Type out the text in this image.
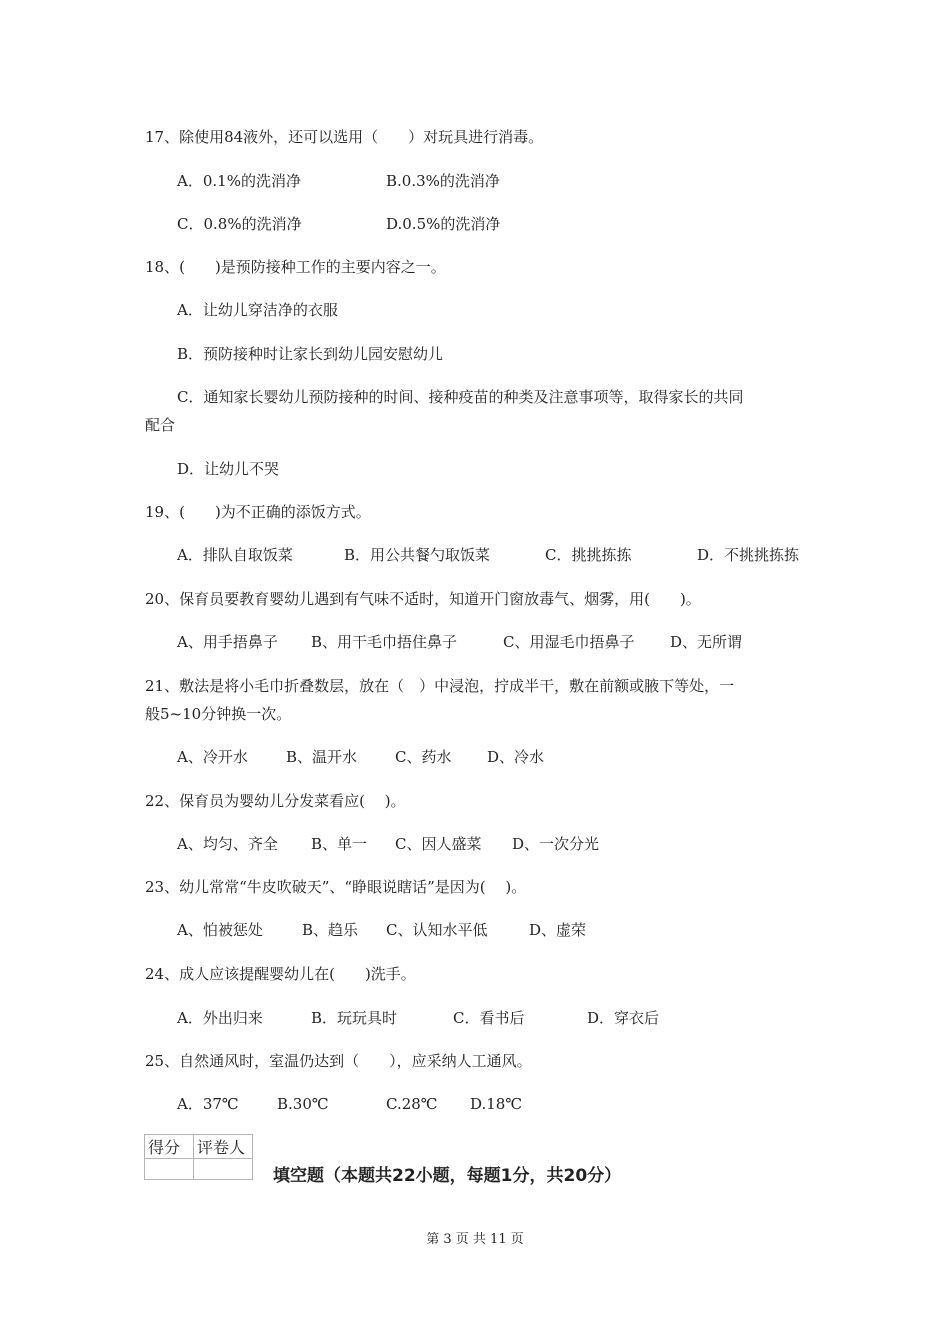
17、除使用84液外，还可以选用（　　）对玩具进行消毒。
A．0.1%的洗消净	B.0.3%的洗消净
C．0.8%的洗消净	D.0.5%的洗消净
18、(　　)是预防接种工作的主要内容之一。
A．让幼儿穿洁净的衣服
B．预防接种时让家长到幼儿园安慰幼儿
C．通知家长婴幼儿预防接种的时间、接种疫苗的种类及注意事项等，取得家长的共同
配合
D．让幼儿不哭
19、(　　)为不正确的添饭方式。
A．排队自取饭菜	B．用公共餐勺取饭菜	C．挑挑拣拣	D．不挑挑拣拣
20、保育员要教育婴幼儿遇到有气味不适时，知道开门窗放毒气、烟雾，用(　　)。
A、用手捂鼻子 B、用干毛巾捂住鼻子	C、用湿毛巾捂鼻子 D、无所谓
21、敷法是将小毛巾折叠数层，放在（　）中浸泡，拧成半干，敷在前额或腋下等处，一
般5~10分钟换一次。
A、冷开水	B、温开水	C、药水 D、冷水
22、保育员为婴幼儿分发菜看应(　 )。
A、均匀、齐全 B、单一 C、因人盛菜 D、一次分光
23、幼儿常常“牛皮吹破天”、“睁眼说瞎话”是因为(　 )。
A、怕被惩处	B、趋乐 C、认知水平低	D、虚荣
24、成人应该提醒婴幼儿在(　　)洗手。
A．外出归来	B．玩玩具时	C．看书后	D．穿衣后
25、自然通风时，室温仍达到（　　），应采纳人工通风。
A．37℃	B.30℃	C.28℃ D.18℃
得分	评卷人

填空题（本题共22小题，每题1分，共20分）
第 3 页 共 11 页
